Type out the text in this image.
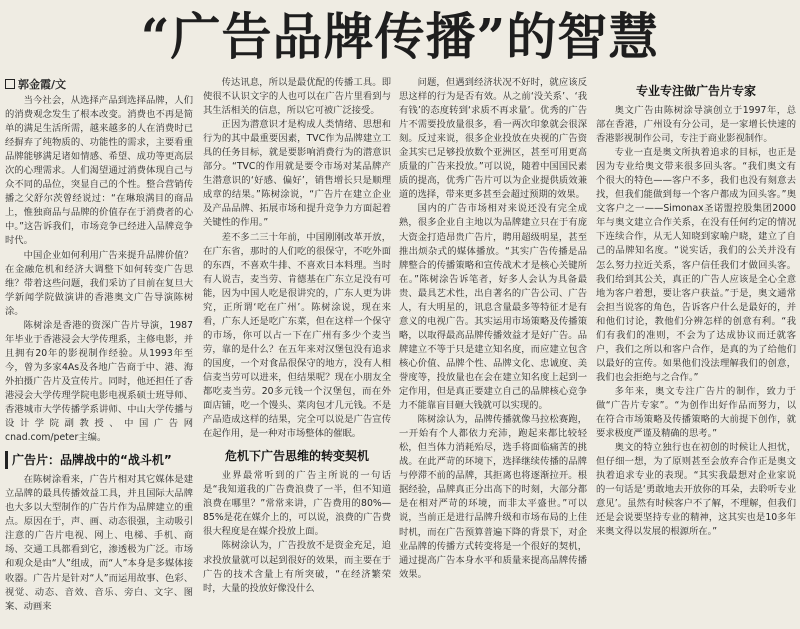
“广告品牌传播”的智慧

郭金霞/文

当今社会，从选择产品到选择品牌，人们的消费观念发生了根本改变。消费也不再是简单的满足生活所需，越来越多的人在消费时已经摒弃了纯物质的、功能性的需求，主要看重品牌能够满足诸如情感、希望、成功等更高层次的心理需求。人们渴望通过消费体现自己与众不同的品位，突显自己的个性。整合营销传播之父舒尔茨曾经说过：“在琳琅满目的商品上，惟独商品与品牌的价值存在于消费者的心中。”这告诉我们，市场竞争已经进入品牌竞争时代。

中国企业如何利用广告来提升品牌价值？在金融危机和经济大调整下如何转变广告思维？带着这些问题，我们采访了目前在复旦大学新闻学院做演讲的香港奥文广告导演陈树涂。

陈树涂是香港的资深广告片导演，1987年毕业于香港浸会大学传理系，主修电影，并且拥有20年的影视制作经验。从1993年至今，曾为多家4As及各地广告商于中、港、海外拍摄广告片及宣传片。同时，他还担任了香港浸会大学传理学院电影电视系硕士班导师、香港城市大学传播学系讲师、中山大学传播与设计学院副教授、中国广告网cnad.com/peter主编。

广告片：品牌战中的“战斗机”

在陈树涂看来，广告片相对其它媒体是建立品牌的最具传播效益工具，并且国际大品牌也大多以大型制作的广告片作为品牌建立的重点。原因在于，声、画、动态很强，主动吸引注意的广告片电视、网上、电梯、手机、商场、交通工具都看到它，渗透极为广泛。市场和观众是由“人”组成，而“人”本身是多媒体接收器。广告片是针对“人”而运用故事、色彩、视觉、动态、音效、音乐、旁白、文字、图案、动画来

传达讯息，所以是最优配的传播工具。即使很不认识文字的人也可以在广告片里看到与其生活相关的信息，所以它可被广泛接受。

正因为潜意识才是构成人类情绪、思想和行为的其中最重要因素，TVC作为品牌建立工具的任务目标，就是要影响消费行为的潜意识部分。“TVC的作用就是要令市场对某品牌产生潜意识的‘好感、偏好’，销售增长只是顺理成章的结果。”陈树涂说，“广告片在建立企业及产品品牌、拓展市场和提升竞争力方面起着关键性的作用。”

差不多二三十年前，中国刚刚改革开放，在广东省，那时的人们吃的很保守，不吃外面的东西，不喜欢牛排、不喜欢日本料理。当时有人说吉，麦当劳、肯德基在广东立足没有可能，因为中国人吃是很讲究的，广东人更为讲究，正所谓‘吃在广州’。陈树涂说，现在来看，广东人还是吃广东菜，但在这样一个保守的市场，你可以占一下在广州有多少个麦当劳，靠的是什么？在五年来对汉堡包没有追求的国度，一个对食品很保守的地方，没有人相信麦当劳可以进来，但结果呢？现在小朋友全都吃麦当劳。20多元钱一个汉堡包，而在外面店铺，吃一个馒头、菜肉包才几元钱。不是产品造成这样的结果，完全可以说是广告宣传在起作用，是一种对市场整体的催眠。

危机下广告思维的转变契机

业界最常听到的广告主所说的一句话是“我知道我的广告费浪费了一半，但不知道浪费在哪里？”常常来讲，广告费用的80%—85%是花在媒介上的，可以说，浪费的广告费很大程度是在媒介投放上面。

陈树涂认为，广告投放不是资金充足，追求投放量就可以起到很好的效果，而主要在于广告的技术含量上有所突破，“在经济繁荣时，大量的投放好像没什么

问题，但遇到经济状况不好时，就应该反思这样的行为是否有效。从之前‘没关系’、‘我有钱’的态度转到‘求质不再求量’。优秀的广告片不需要投放量很多，看一两次印象就会很深刻。反过来说，很多企业投放在央视的广告资金其实已足够投放数个亚洲区，甚至可用更高质量的广告来投放。”可以说，随着中国国民素质的提高，优秀广告片可以为企业提供质效兼道的选择，带来更多甚至会超过预期的效果。

国内的广告市场相对来说还没有完全成熟，很多企业自主地以为品牌建立只在于有庞大资金打造昂贵广告片，聘用超级明星，甚至推出烦杂式的媒体播放。“其实广告传播是品牌整合的传播策略和宣传战术才是核心关键所在。”陈树涂告诉笔者，好多人会认为具备最贵、最具艺术性，出自著名的广告公司、广告人，有大明星的，讯息含量最多等特征才是有意义的电视广告。其实运用市场策略及传播策略，以取得最高品牌传播效益才是好广告。品牌建立不等于只是建立知名度，而应建立包含核心价值、品牌个性、品牌文化、忠诚度、美誉度等，投放量也在会在建立知名度上起到一定作用，但是真正要建立自己的品牌核心竞争力不能靠盲目砸大钱就可以实现的。

陈树涂认为，品牌传播就像马拉松赛跑，一开始有个人都依力充沛，跑起来都比较轻松，但当体力消耗殆尽，选手将面临痛苦的挑战。在此严苛的环境下，选择继续传播的品牌与停滞不前的品牌，其拒离也将逐渐拉开。根据经验，品牌真正分出高下的时刻，大部分都是在相对严苛的环境，而非太平盛世。”可以说，当前正是进行品牌升级和市场布局的上佳时机，而在广告预算普遍下降的背景下，对企业品牌的传播方式转变将是一个很好的契机，通过提高广告本身水平和质量来提高品牌传播效果。

专业专注做广告片专家

奥文广告由陈树涂导演创立于1997年，总部在香港，广州设有分公司，是一家增长快速的香港影视制作公司，专注于商业影视制作。

专业一直是奥文所执着追求的目标，也正是因为专业给奥文带来很多回头客。“我们奥文有个很大的特色——客户不多，我们也没有刻意去找，但我们能做到每一个客户都成为回头客。”奥文客户之一——Simonax圣诺盟控股集团2000年与奥文建立合作关系，在没有任何约定的情况下连续合作，从无人知晓到家喻户晓，建立了自己的品牌知名度。“说实话，我们的公关并没有怎么努力拉近关系，客户信任我们才做回头客。我们给到其公关，真正的广告人应该是全心全意地为客户着想，要让客户获益。”于是，奥文通常会担当说客的角色，告诉客户什么是最好的，并和他们讨论，教他们分辨怎样的创意有利。“我们有我们的准则，不会为了达成协议而迁就客户，我们之所以和客户合作，是真的为了给他们以最好的宣传。如果他们没法理解我们的创意，我们也会拒绝与之合作。”

多年来，奥文专注广告片的制作，致力于做“广告片专家”。“为创作出好作品而努力，以在符合市场策略及传播策略的大前提下创作，就要求极度严谨及精确的思考。”

奥文的特立独行也在初创的时候让人担忧，但仔细一想，为了原则甚至会放弃合作正是奥文执着追求专业的表现。“其实我最想对企业家说的一句话是‘勇敢地去开放你的耳朵，去聆听专业意见’。虽然有时候客户不了解，不理解，但我们还是会说要坚持专业的精神，这其实也是10多年来奥文得以发展的根源所在。”
